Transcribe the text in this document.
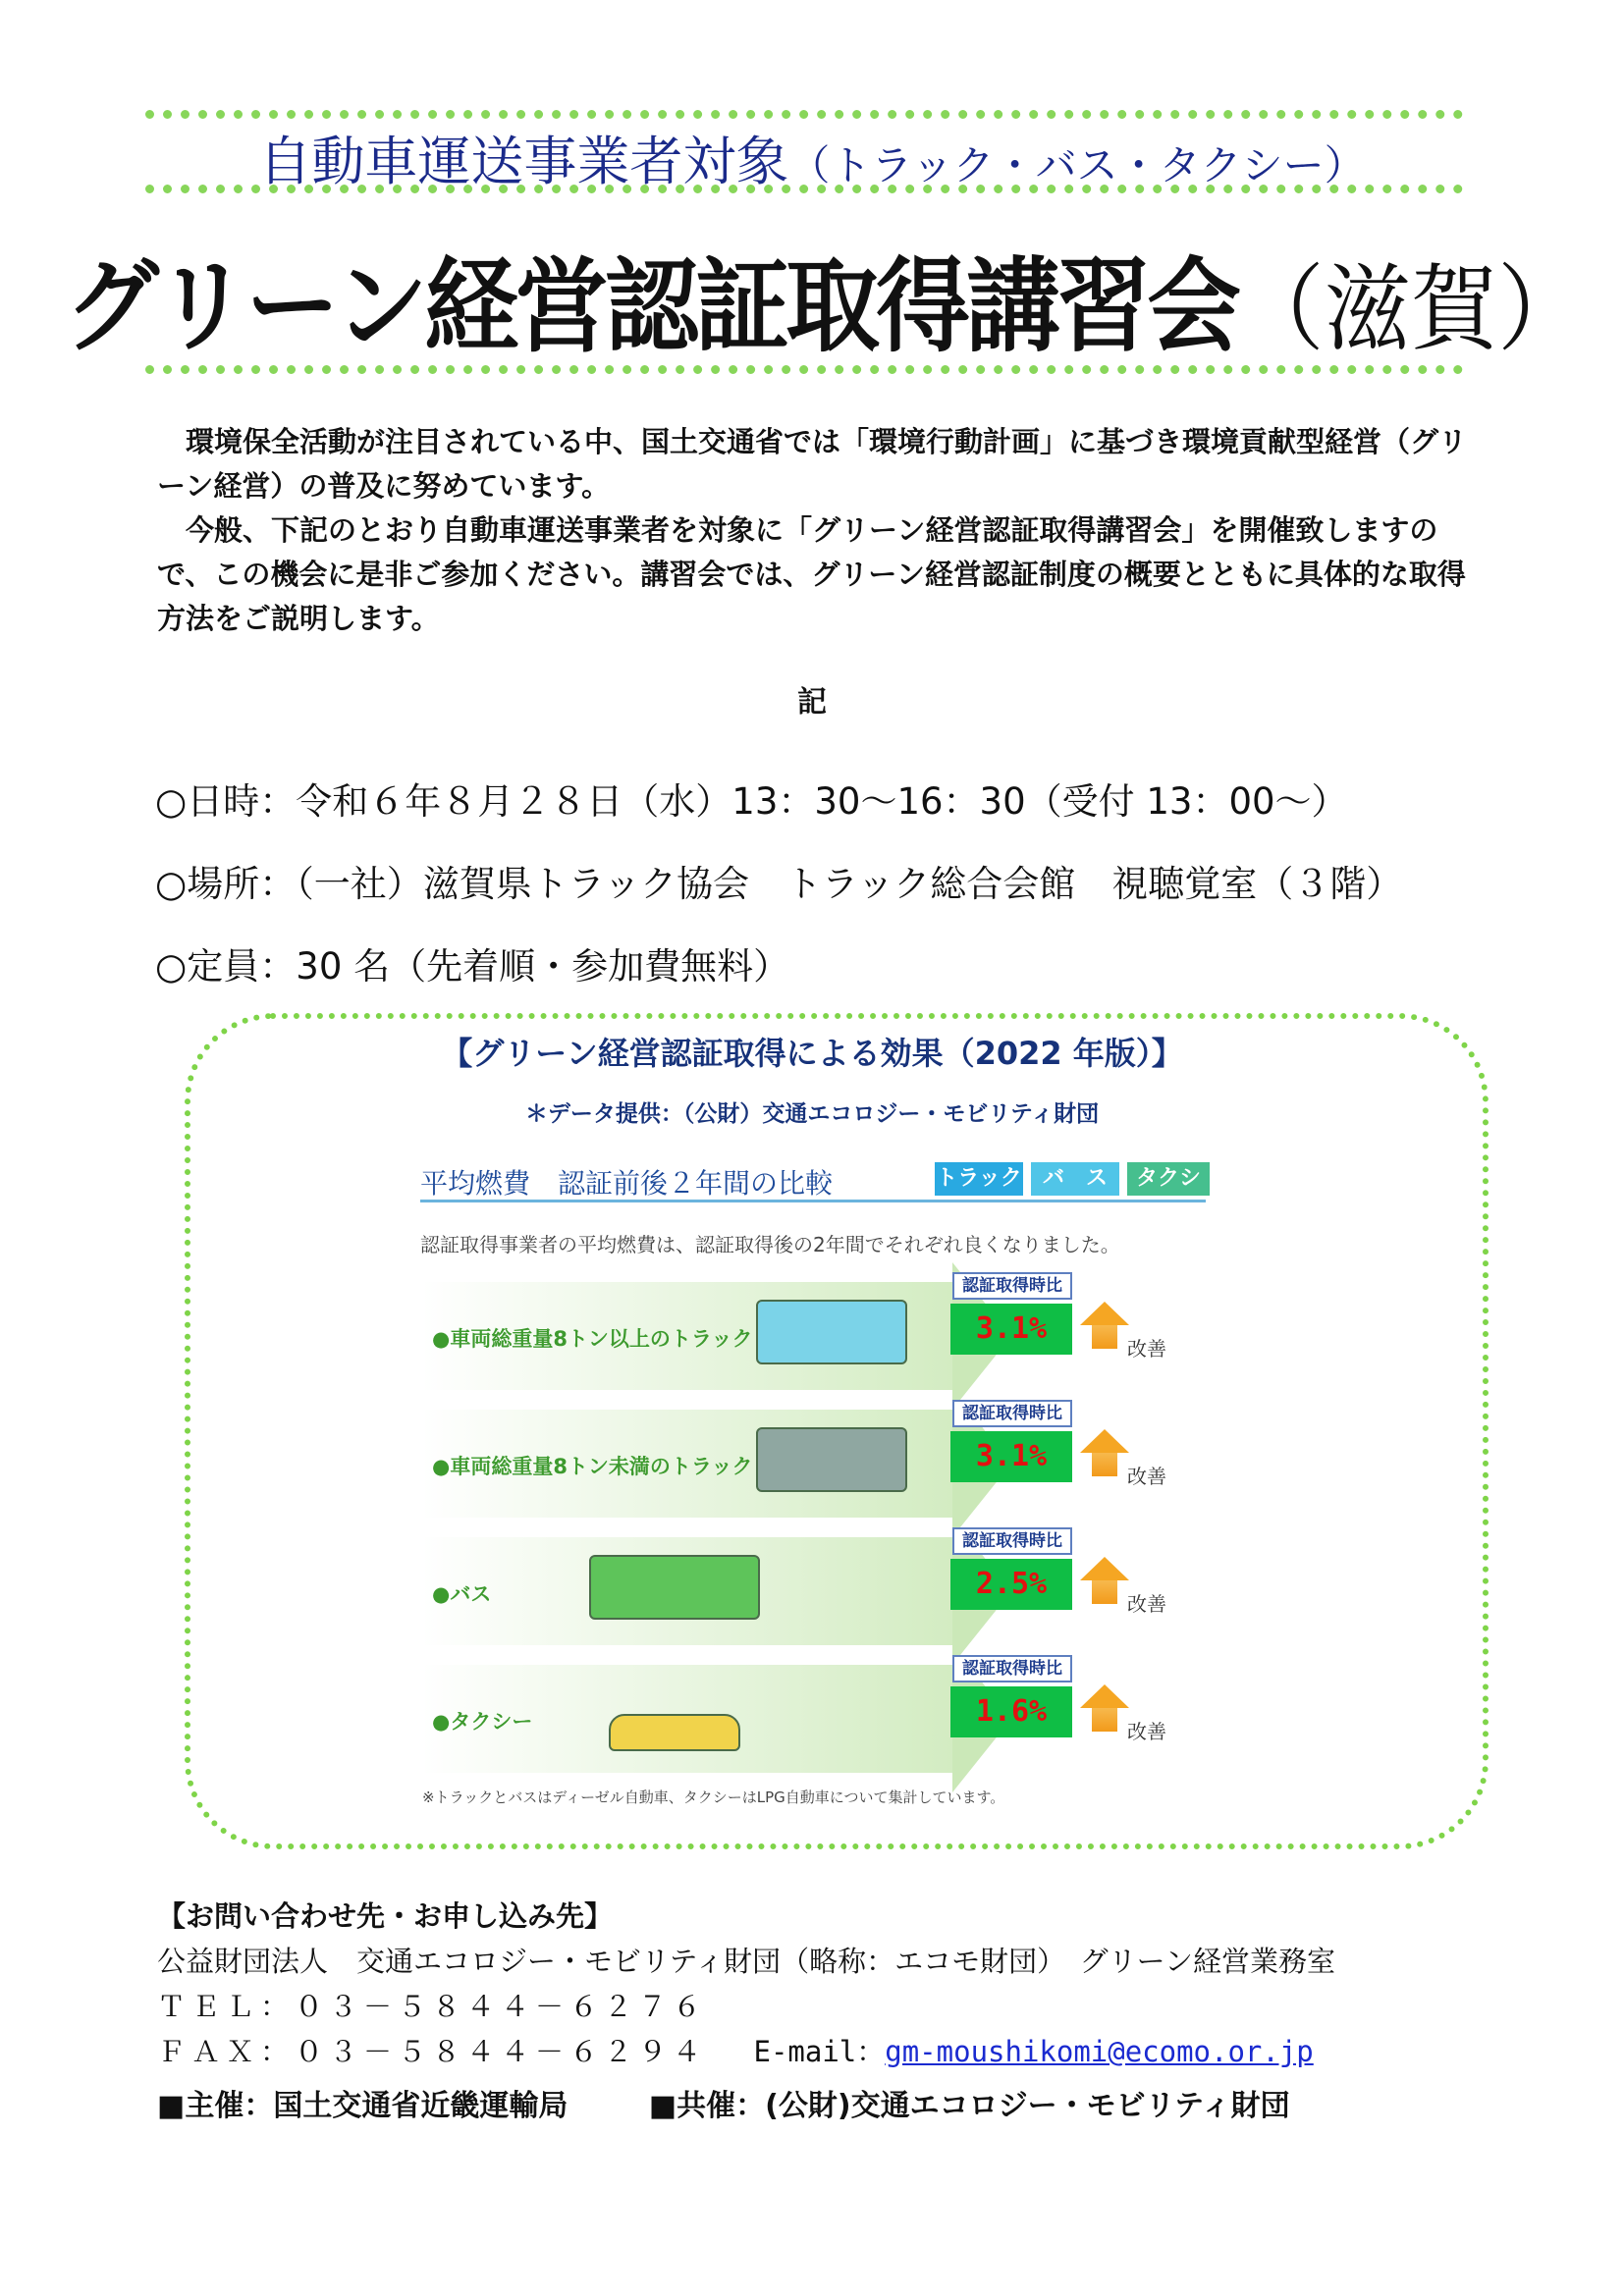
自動車運送事業者対象（トラック・バス・タクシー）
グリーン経営認証取得講習会（滋賀）

　環境保全活動が注目されている中、国土交通省では「環境行動計画」に基づき環境貢献型経営（グリーン経営）の普及に努めています。

　今般、下記のとおり自動車運送事業者を対象に「グリーン経営認証取得講習会」を開催致しますので、この機会に是非ご参加ください。講習会では、グリーン経営認証制度の概要とともに具体的な取得方法をご説明します。

記
○日時：令和６年８月２８日（水）13：30～16：30（受付 13：00～）
○場所：（一社）滋賀県トラック協会　トラック総合会館　視聴覚室（３階）
○定員：30 名（先着順・参加費無料）
【グリーン経営認証取得による効果（2022 年版）】
＊データ提供：（公財）交通エコロジー・モビリティ財団
平均燃費　認証前後２年間の比較	トラック バ　ス	タクシー
認証取得事業者の平均燃費は、認証取得後の2年間でそれぞれ良くなりました。
●車両総重量8トン以上のトラック
認証取得時比
3.1%
改善
●車両総重量8トン未満のトラック
認証取得時比
3.1%
改善
●バス
認証取得時比
2.5%
改善
●タクシー
認証取得時比
1.6%
改善
※トラックとバスはディーゼル自動車、タクシーはLPG自動車について集計しています。
【お問い合わせ先・お申し込み先】
公益財団法人　交通エコロジー・モビリティ財団（略称：エコモ財団）　グリーン経営業務室
ＴＥＬ：０３－５８４４－６２７６
ＦＡＸ：０３－５８４４－６２９４ E-mail：gm-moushikomi@ecomo.or.jp
■主催：国土交通省近畿運輸局	■共催：(公財)交通エコロジー・モビリティ財団
